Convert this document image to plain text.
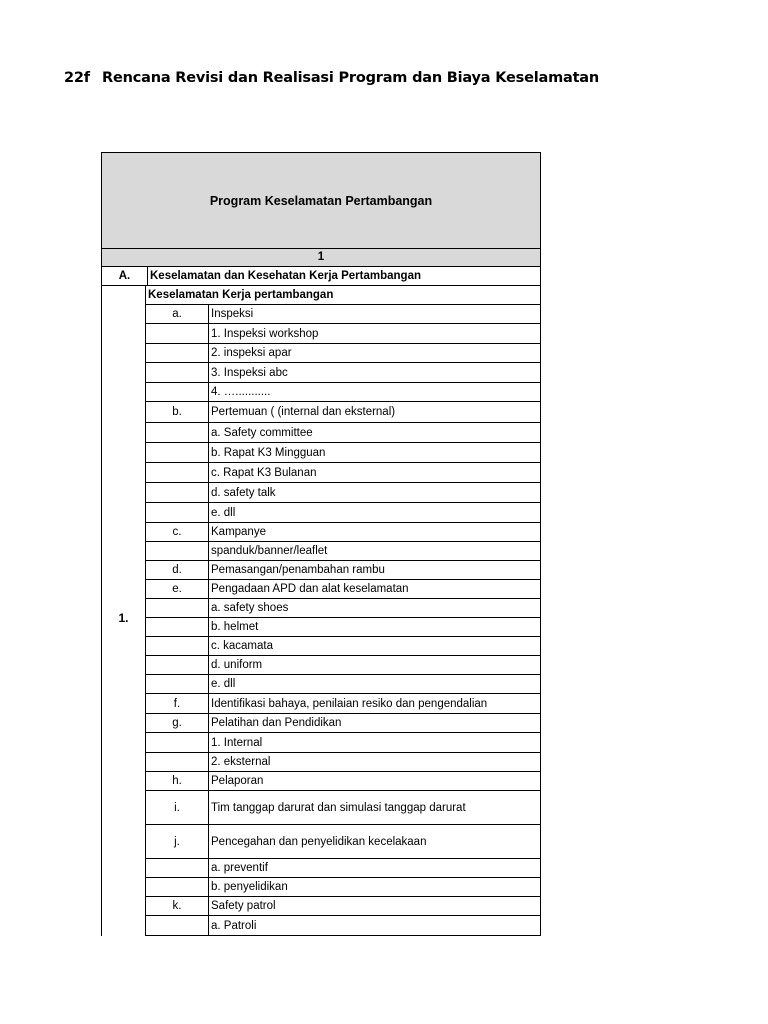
22f Rencana Revisi dan Realisasi Program dan Biaya Keselamatan
Program Keselamatan Pertambangan
1
A.	Keselamatan dan Kesehatan Kerja Pertambangan
1.
Keselamatan Kerja pertambangan
a.	Inspeksi
1. Inspeksi workshop
2. inspeksi apar
3. Inspeksi abc
4. …...........
b.	Pertemuan ( (internal dan eksternal)
a. Safety committee
b. Rapat K3 Mingguan
c. Rapat K3 Bulanan
d. safety talk
e. dll
c.	Kampanye
spanduk/banner/leaflet
d.	Pemasangan/penambahan rambu
e.	Pengadaan APD dan alat keselamatan
a. safety shoes
b. helmet
c. kacamata
d. uniform
e. dll
f.	Identifikasi bahaya, penilaian resiko dan pengendalian
g.	Pelatihan dan Pendidikan
1. Internal
2. eksternal
h.	Pelaporan
i.	Tim tanggap darurat dan simulasi tanggap darurat
j.	Pencegahan dan penyelidikan kecelakaan
a. preventif
b. penyelidikan
k.	Safety patrol
a. Patroli
